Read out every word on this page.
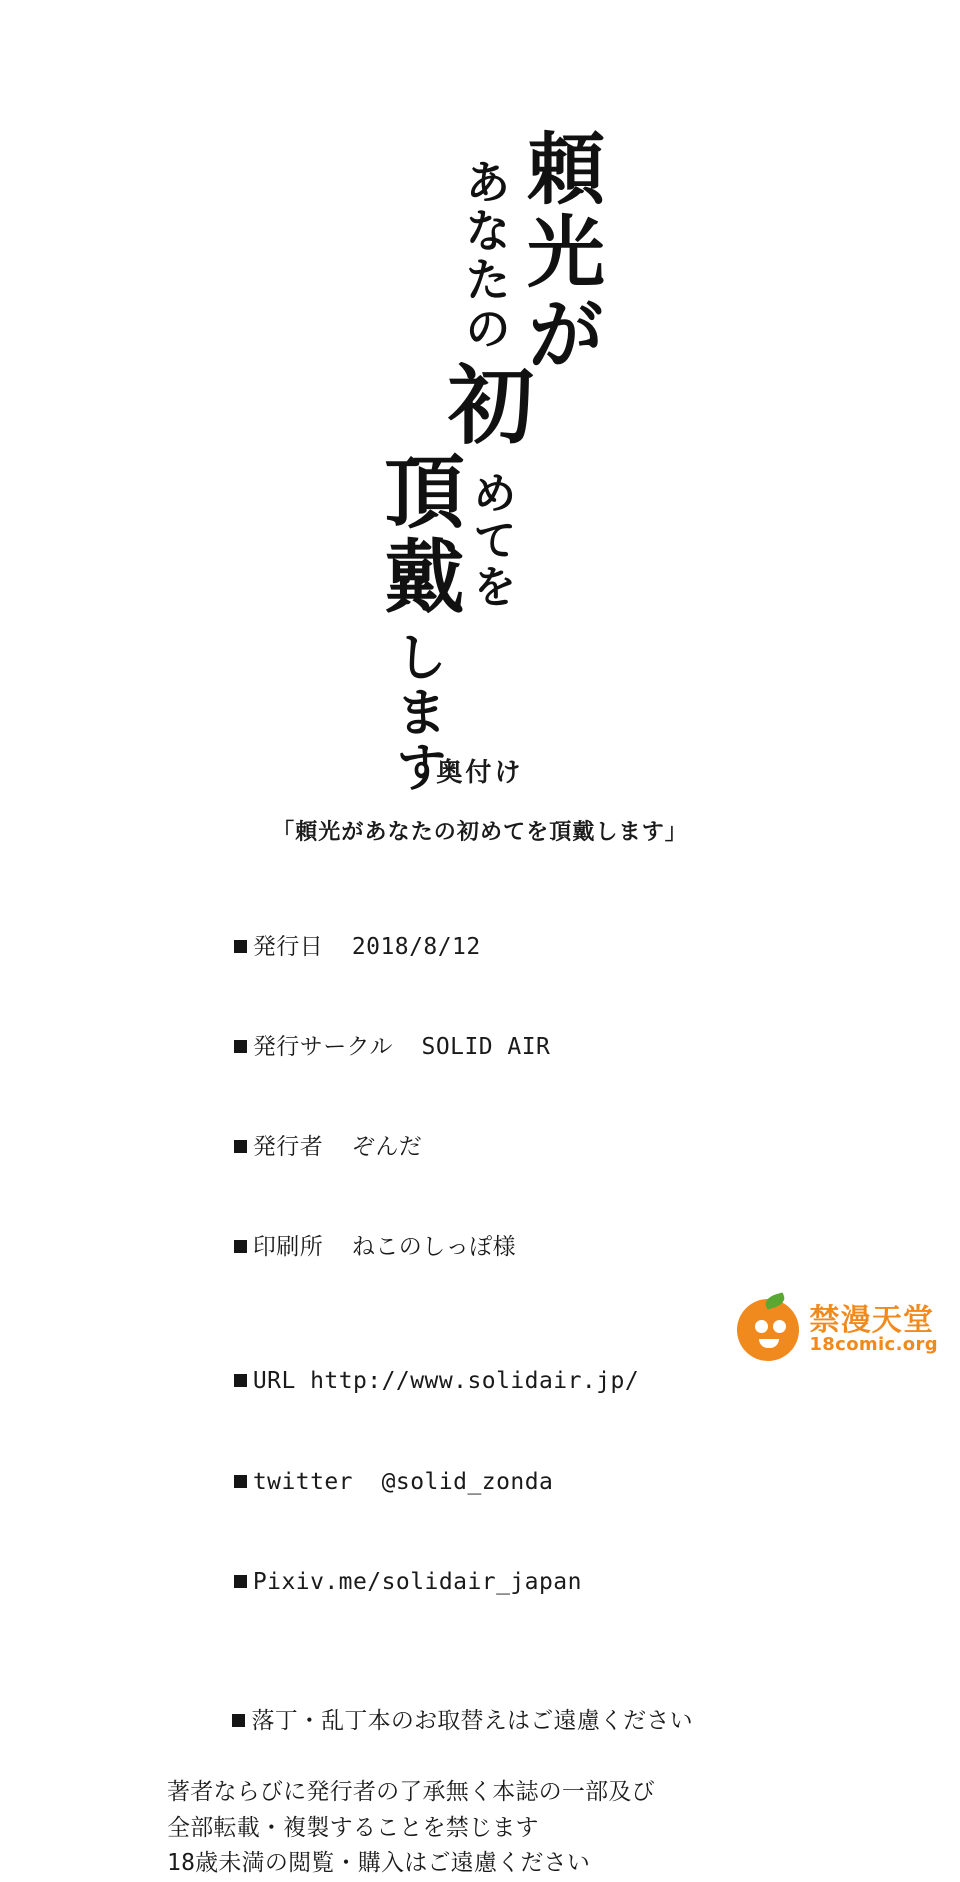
頼光が
あなたの
初
めてを
頂戴
します
奥付け
「頼光があなたの初めてを頂戴します」

発行日 2018/8/12

発行サークル SOLID AIR

発行者 ぞんだ

印刷所 ねこのしっぽ様

URL http://www.solidair.jp/

twitter @solid_zonda

Pixiv.me/solidair_japan

落丁・乱丁本のお取替えはご遠慮ください

著者ならびに発行者の了承無く本誌の一部及び
全部転載・複製することを禁じます
18歳未満の閲覧・購入はご遠慮ください
禁漫天堂
18comic.org
